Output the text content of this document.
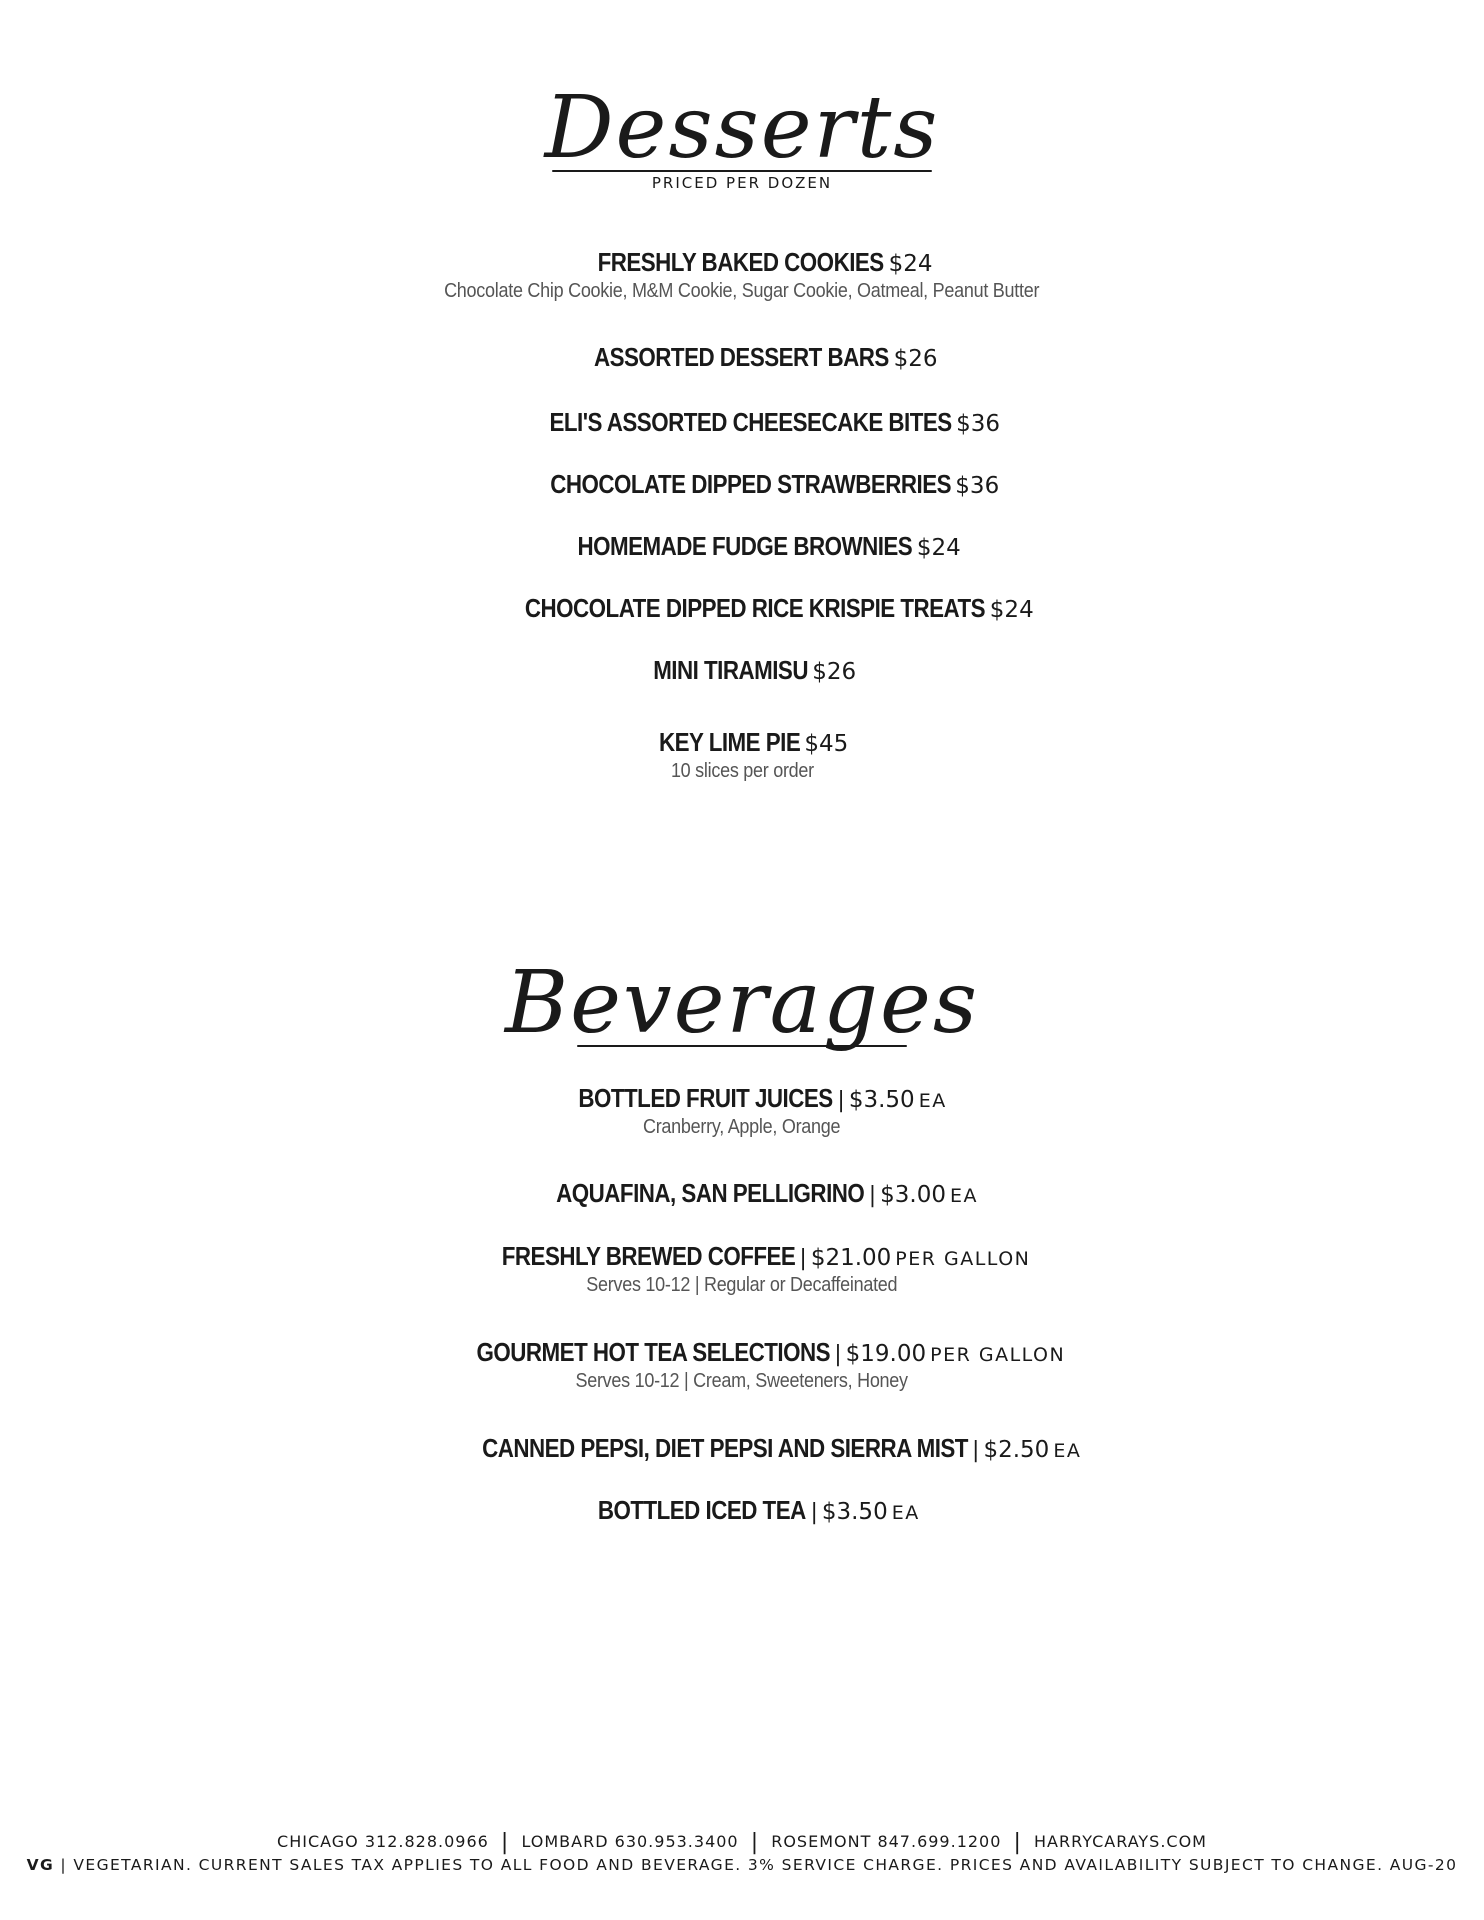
Desserts
PRICED PER DOZEN
FRESHLY BAKED COOKIES $24
Chocolate Chip Cookie, M&M Cookie, Sugar Cookie, Oatmeal, Peanut Butter
ASSORTED DESSERT BARS $26
ELI'S ASSORTED CHEESECAKE BITES $36
CHOCOLATE DIPPED STRAWBERRIES $36
HOMEMADE FUDGE BROWNIES $24
CHOCOLATE DIPPED RICE KRISPIE TREATS $24
MINI TIRAMISU $26
KEY LIME PIE $45
10 slices per order
Beverages
BOTTLED FRUIT JUICES | $3.50 EA
Cranberry, Apple, Orange
AQUAFINA, SAN PELLIGRINO | $3.00 EA
FRESHLY BREWED COFFEE | $21.00 PER GALLON
Serves 10-12 | Regular or Decaffeinated
GOURMET HOT TEA SELECTIONS | $19.00 PER GALLON
Serves 10-12 | Cream, Sweeteners, Honey
CANNED PEPSI, DIET PEPSI AND SIERRA MIST | $2.50 EA
BOTTLED ICED TEA | $3.50 EA
CHICAGO 312.828.0966 | LOMBARD 630.953.3400 | ROSEMONT 847.699.1200 | HARRYCARAYS.COM
VG | VEGETARIAN. CURRENT SALES TAX APPLIES TO ALL FOOD AND BEVERAGE. 3% SERVICE CHARGE. PRICES AND AVAILABILITY SUBJECT TO CHANGE. AUG-20
